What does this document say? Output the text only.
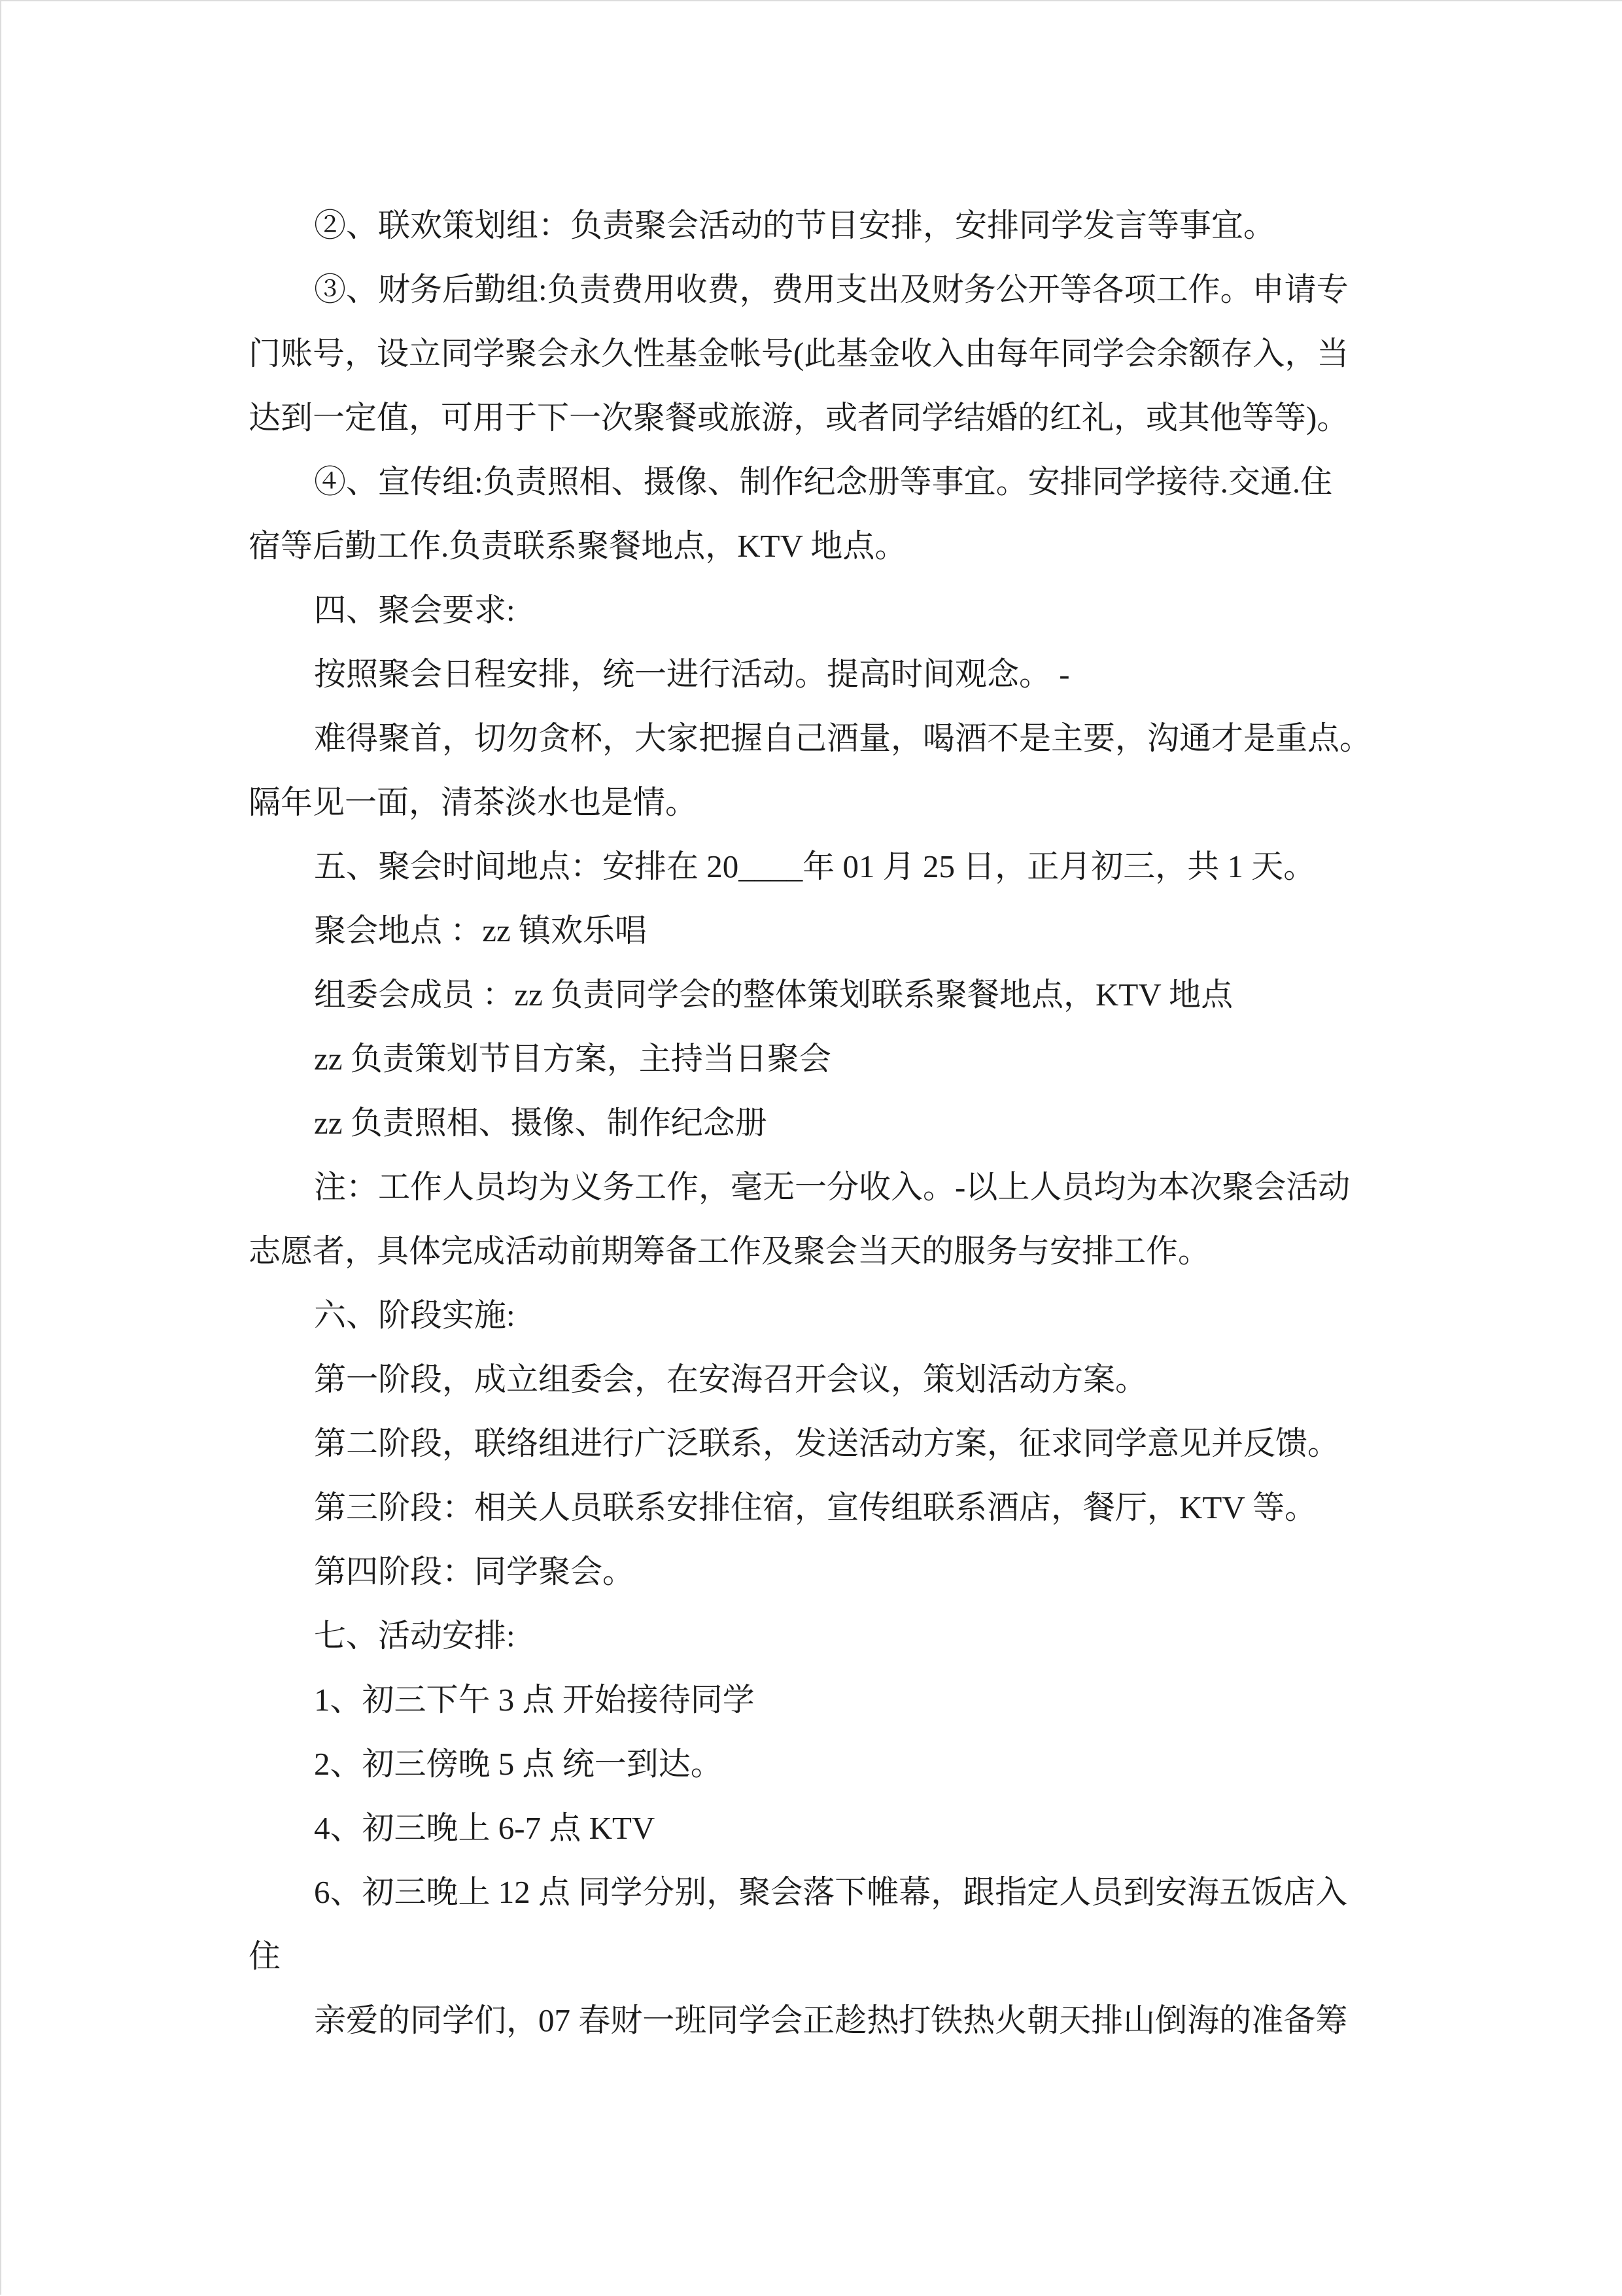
②、联欢策划组：负责聚会活动的节目安排，安排同学发言等事宜。
③、财务后勤组:负责费用收费，费用支出及财务公开等各项工作。申请专
门账号，设立同学聚会永久性基金帐号(此基金收入由每年同学会余额存入，当
达到一定值，可用于下一次聚餐或旅游，或者同学结婚的红礼，或其他等等)。
④、宣传组:负责照相、摄像、制作纪念册等事宜。安排同学接待.交通.住
宿等后勤工作.负责联系聚餐地点，KTV 地点。
四、聚会要求:
按照聚会日程安排，统一进行活动。提高时间观念。 -
难得聚首，切勿贪杯，大家把握自己酒量，喝酒不是主要，沟通才是重点。
隔年见一面，清茶淡水也是情。
五、聚会时间地点：安排在 20____年 01 月 25 日，正月初三，共 1 天。
聚会地点 ：zz 镇欢乐唱
组委会成员 ：zz 负责同学会的整体策划联系聚餐地点，KTV 地点
zz 负责策划节目方案，主持当日聚会
zz 负责照相、摄像、制作纪念册
注：工作人员均为义务工作，毫无一分收入。-以上人员均为本次聚会活动
志愿者，具体完成活动前期筹备工作及聚会当天的服务与安排工作。
六、阶段实施:
第一阶段，成立组委会，在安海召开会议，策划活动方案。
第二阶段，联络组进行广泛联系，发送活动方案，征求同学意见并反馈。
第三阶段：相关人员联系安排住宿，宣传组联系酒店，餐厅，KTV 等。
第四阶段：同学聚会。
七、活动安排:
1、初三下午 3 点 开始接待同学
2、初三傍晚 5 点 统一到达。
4、初三晚上 6-7 点 KTV
6、初三晚上 12 点 同学分别，聚会落下帷幕，跟指定人员到安海五饭店入
住
亲爱的同学们，07 春财一班同学会正趁热打铁热火朝天排山倒海的准备筹
